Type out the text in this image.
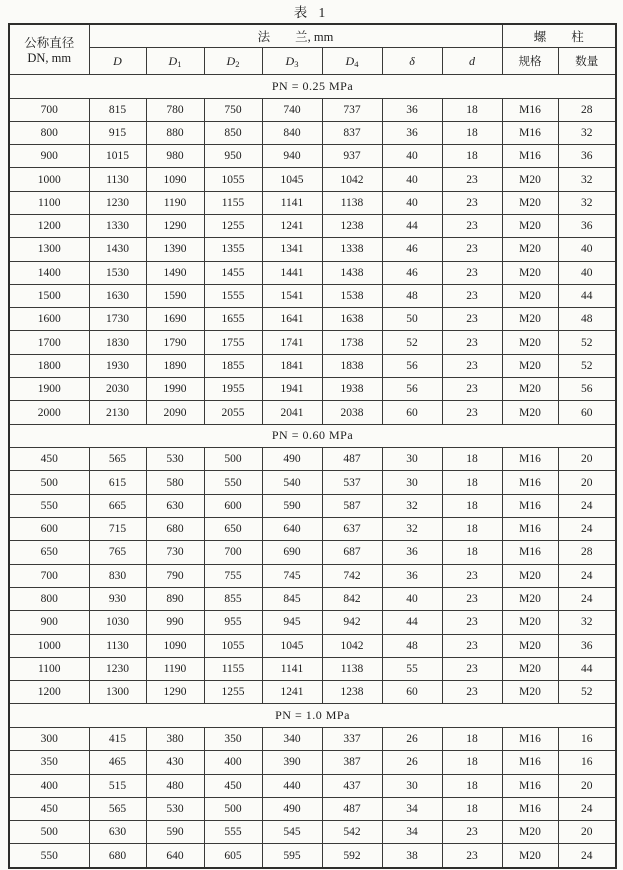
表 1
公称直径
DN, mm	法　　兰, mm							螺　　柱	
	D	$D_1$	$D_2$	$D_3$	$D_4$	δ	d	规格	数量
PN = 0.25 MPa									
700	815	780	750	740	737	36	18	M16	28
800	915	880	850	840	837	36	18	M16	32
900	1015	980	950	940	937	40	18	M16	36
1000	1130	1090	1055	1045	1042	40	23	M20	32
1100	1230	1190	1155	1141	1138	40	23	M20	32
1200	1330	1290	1255	1241	1238	44	23	M20	36
1300	1430	1390	1355	1341	1338	46	23	M20	40
1400	1530	1490	1455	1441	1438	46	23	M20	40
1500	1630	1590	1555	1541	1538	48	23	M20	44
1600	1730	1690	1655	1641	1638	50	23	M20	48
1700	1830	1790	1755	1741	1738	52	23	M20	52
1800	1930	1890	1855	1841	1838	56	23	M20	52
1900	2030	1990	1955	1941	1938	56	23	M20	56
2000	2130	2090	2055	2041	2038	60	23	M20	60
PN = 0.60 MPa									
450	565	530	500	490	487	30	18	M16	20
500	615	580	550	540	537	30	18	M16	20
550	665	630	600	590	587	32	18	M16	24
600	715	680	650	640	637	32	18	M16	24
650	765	730	700	690	687	36	18	M16	28
700	830	790	755	745	742	36	23	M20	24
800	930	890	855	845	842	40	23	M20	24
900	1030	990	955	945	942	44	23	M20	32
1000	1130	1090	1055	1045	1042	48	23	M20	36
1100	1230	1190	1155	1141	1138	55	23	M20	44
1200	1300	1290	1255	1241	1238	60	23	M20	52
PN = 1.0 MPa									
300	415	380	350	340	337	26	18	M16	16
350	465	430	400	390	387	26	18	M16	16
400	515	480	450	440	437	30	18	M16	20
450	565	530	500	490	487	34	18	M16	24
500	630	590	555	545	542	34	23	M20	20
550	680	640	605	595	592	38	23	M20	24
